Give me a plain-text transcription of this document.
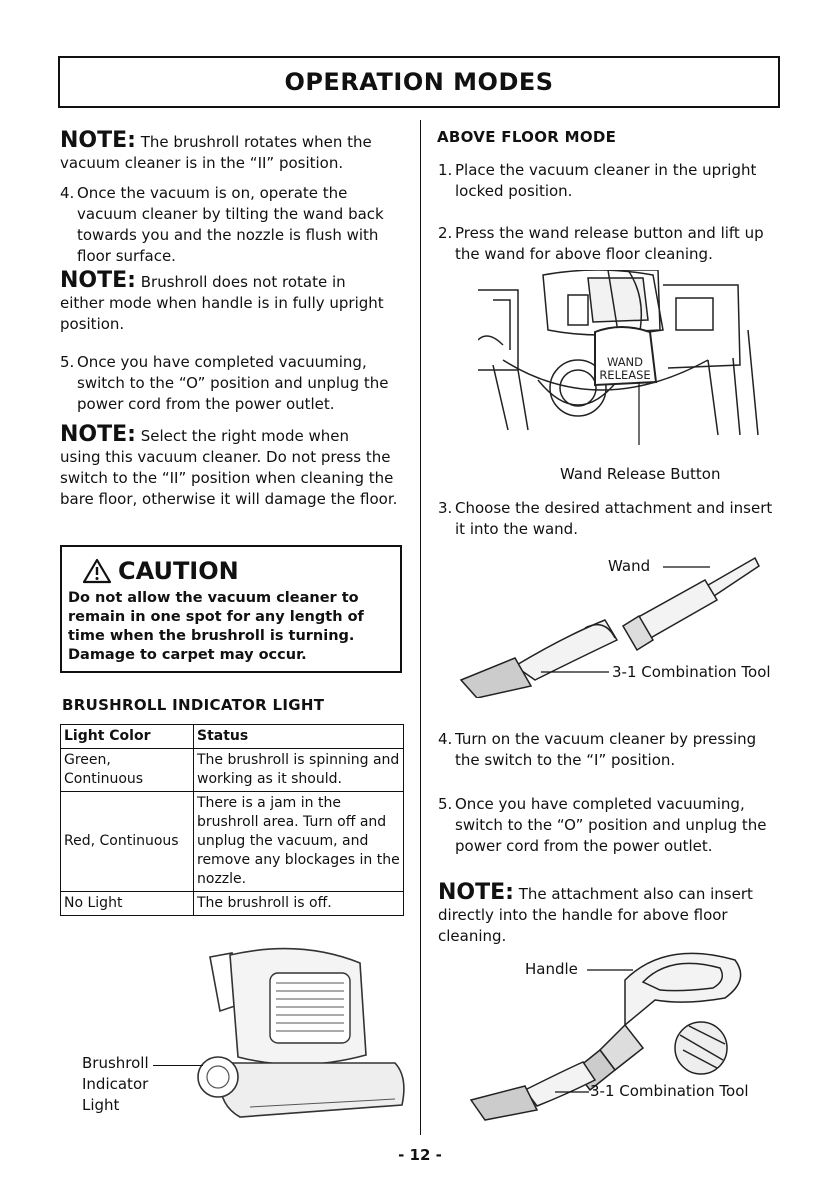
OPERATION MODES
NOTE: The brushroll rotates when the
vacuum cleaner is in the “II” position.
4. Once the vacuum is on, operate the vacuum cleaner by tilting the wand back towards you and the nozzle is flush with floor surface.
NOTE: Brushroll does not rotate in
either mode when handle is in fully upright position.
5. Once you have completed vacuuming, switch to the “O” position and unplug the power cord from the power outlet.
NOTE: Select the right mode when
using this vacuum cleaner. Do not press the switch to the “II” position when cleaning the bare floor, otherwise it will damage the floor.
CAUTION
Do not allow the vacuum cleaner to remain in one spot for any length of time when the brushroll is turning. Damage to carpet may occur.
BRUSHROLL INDICATOR LIGHT
Light Color	Status
Green, Continuous	The brushroll is spinning and working as it should.
Red, Continuous	There is a jam in the brushroll area. Turn off and unplug the vacuum, and remove any blockages in the nozzle.
No Light	The brushroll is off.
Brushroll
Indicator
Light
ABOVE FLOOR MODE
1. Place the vacuum cleaner in the upright locked position.
2. Press the wand release button and lift up the wand for above floor cleaning.
WAND
RELEASE
Wand Release Button
3. Choose the desired attachment and insert it into the wand.
Wand
3-1 Combination Tool
4. Turn on the vacuum cleaner by pressing the switch to the “I” position.
5. Once you have completed vacuuming, switch to the “O” position and unplug the power cord from the power outlet.
NOTE: The attachment also can insert
directly into the handle for above floor cleaning.
Handle
3-1 Combination Tool
- 12 -
